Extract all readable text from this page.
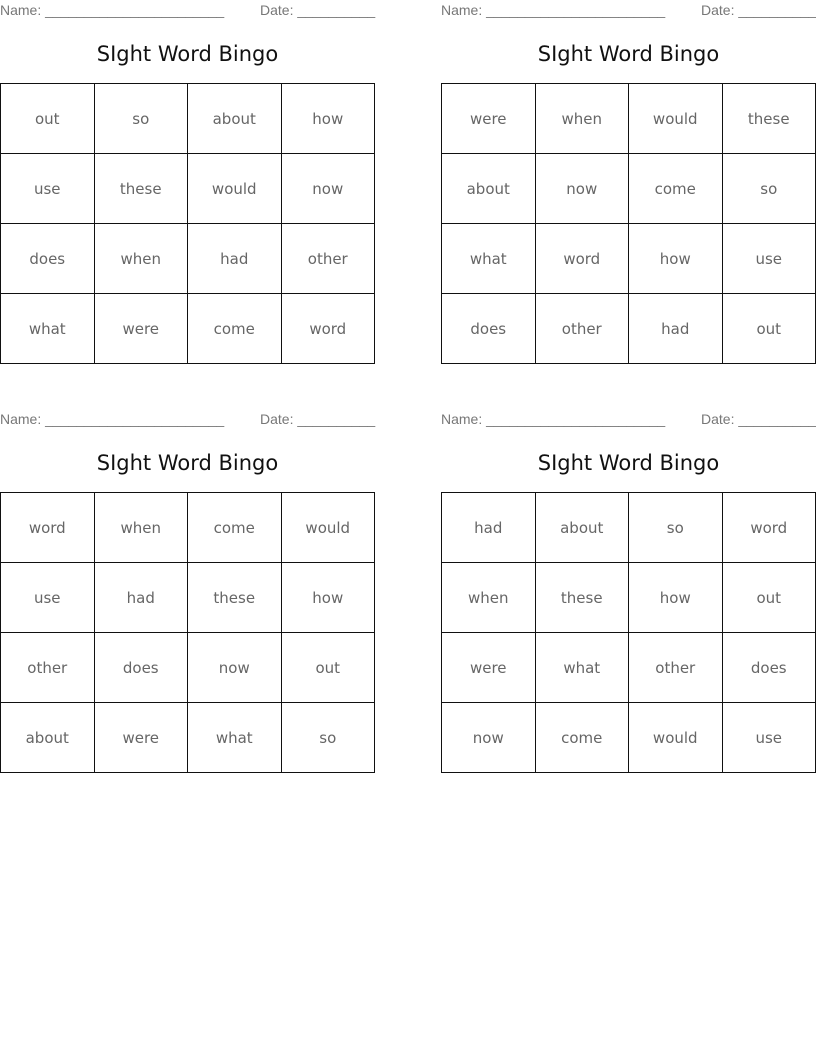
Name: _______________________	Date: __________
SIght Word Bingo
out	so	about	how
use	these	would	now
does	when	had	other
what	were	come	word
Name: _______________________	Date: __________
SIght Word Bingo
were	when	would	these
about	now	come	so
what	word	how	use
does	other	had	out
Name: _______________________	Date: __________
SIght Word Bingo
word	when	come	would
use	had	these	how
other	does	now	out
about	were	what	so
Name: _______________________	Date: __________
SIght Word Bingo
had	about	so	word
when	these	how	out
were	what	other	does
now	come	would	use
